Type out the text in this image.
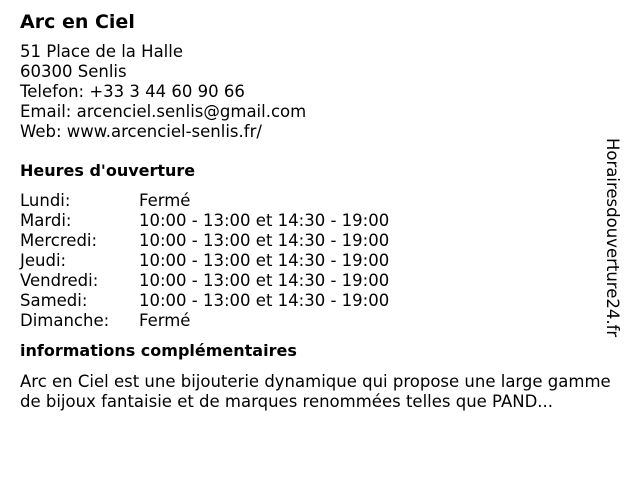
Arc en Ciel
51 Place de la Halle
60300 Senlis
Telefon: +33 3 44 60 90 66
Email: arcenciel.senlis@gmail.com
Web: www.arcenciel-senlis.fr/
Heures d'ouverture
Lundi:	Fermé
Mardi:	10:00 - 13:00 et 14:30 - 19:00
Mercredi:	10:00 - 13:00 et 14:30 - 19:00
Jeudi:	10:00 - 13:00 et 14:30 - 19:00
Vendredi:	10:00 - 13:00 et 14:30 - 19:00
Samedi:	10:00 - 13:00 et 14:30 - 19:00
Dimanche:	Fermé
informations complémentaires
Arc en Ciel est une bijouterie dynamique qui propose une large gamme de bijoux fantaisie et de marques renommées telles que PAND...
Horairesdouverture24.fr
